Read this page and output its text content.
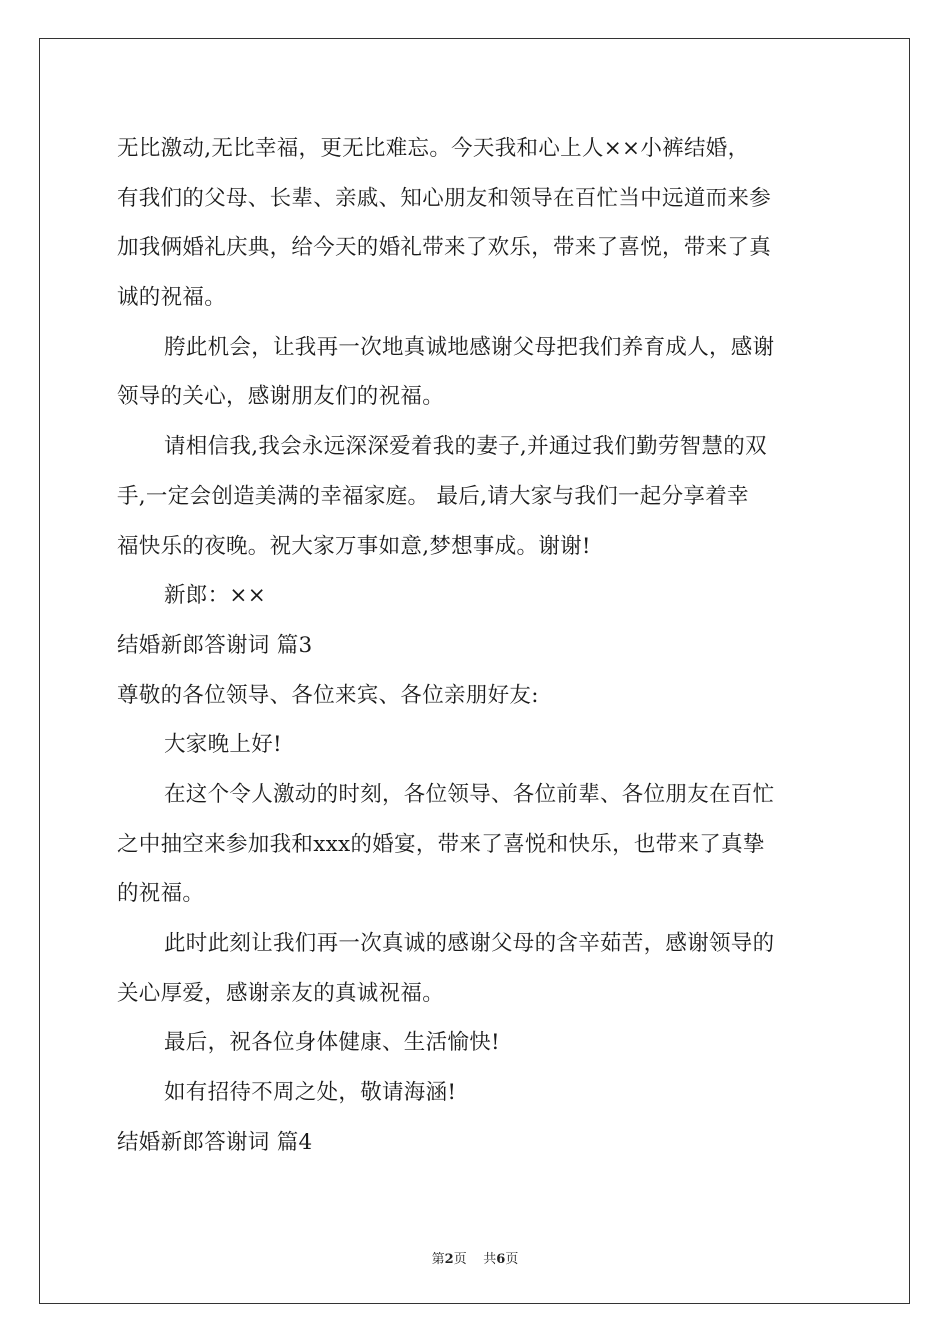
无比激动,无比幸福，更无比难忘。今天我和心上人××小裤结婚，
有我们的父母、长辈、亲戚、知心朋友和领导在百忙当中远道而来参
加我俩婚礼庆典，给今天的婚礼带来了欢乐，带来了喜悦，带来了真
诚的祝福。
胯此机会，让我再一次地真诚地感谢父母把我们养育成人，感谢
领导的关心，感谢朋友们的祝福。
请相信我,我会永远深深爱着我的妻子,并通过我们勤劳智慧的双
手,一定会创造美满的幸福家庭。 最后,请大家与我们一起分享着幸
福快乐的夜晚。祝大家万事如意,梦想事成。谢谢!
新郎：××
结婚新郎答谢词 篇3
尊敬的各位领导、各位来宾、各位亲朋好友:
大家晚上好!
在这个令人激动的时刻，各位领导、各位前辈、各位朋友在百忙
之中抽空来参加我和xxx的婚宴，带来了喜悦和快乐，也带来了真挚
的祝福。
此时此刻让我们再一次真诚的感谢父母的含辛茹苦，感谢领导的
关心厚爱，感谢亲友的真诚祝福。
最后，祝各位身体健康、生活愉快!
如有招待不周之处，敬请海涵!
结婚新郎答谢词 篇4
第2页 共6页
